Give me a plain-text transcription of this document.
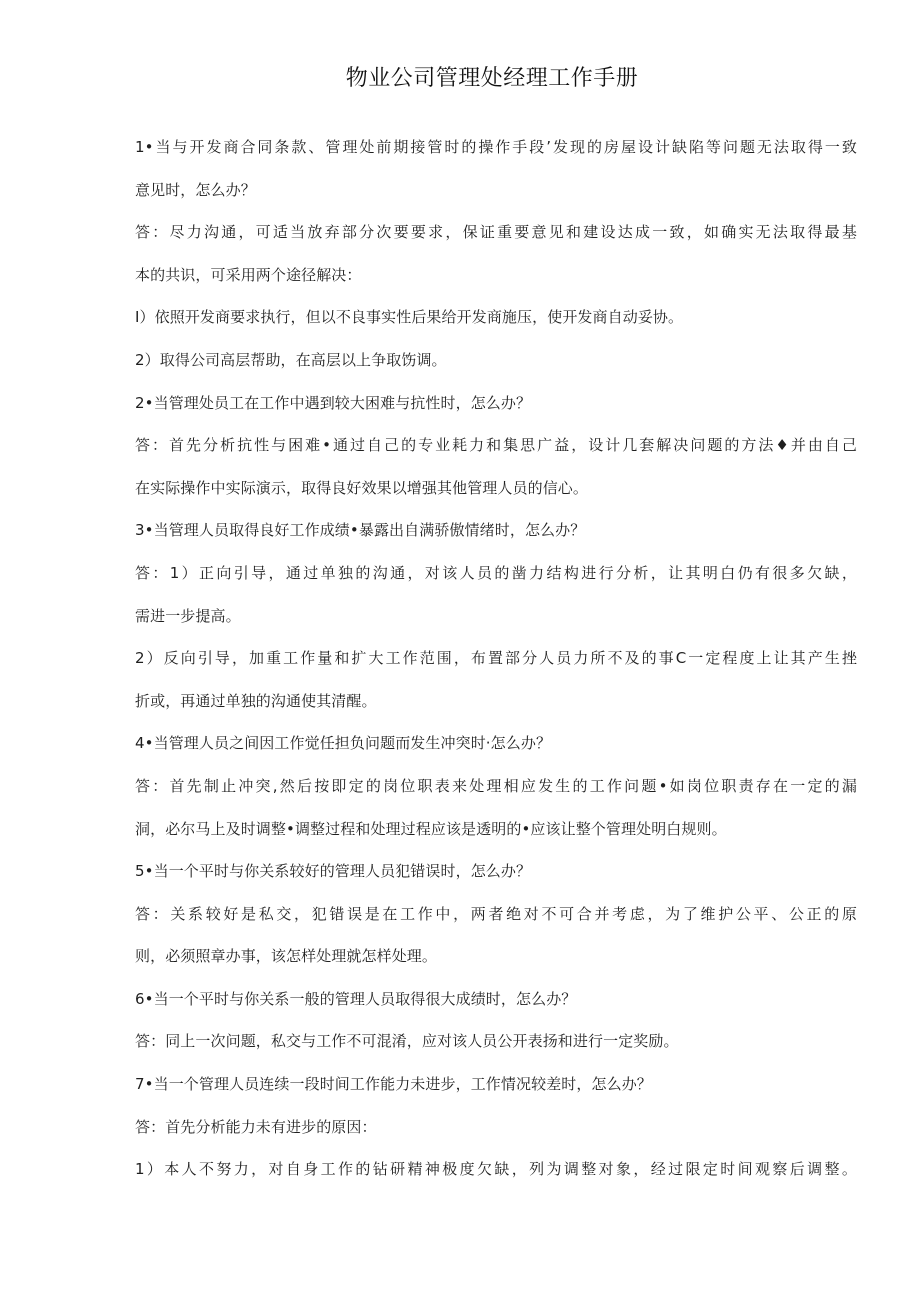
物业公司管理处经理工作手册
1•当与开发商合同条款、管理处前期接管时的操作手段’发现的房屋设计缺陷等问题无法取得一致
意见时，怎么办？
答：尽力沟通，可适当放弃部分次要要求，保证重要意见和建设达成一致，如确实无法取得最基
本的共识，可采用两个途径解决：
I）依照开发商要求执行，但以不良事实性后果给开发商施压，使开发商自动妥协。
2）取得公司高层帮助，在高层以上争取饬调。
2•当管理处员工在工作中遇到较大困难与抗性时，怎么办？
答：首先分析抗性与困难•通过自己的专业耗力和集思广益，设计几套解决问题的方法♦并由自己
在实际操作中实际演示，取得良好效果以增强其他管理人员的信心。
3•当管理人员取得良好工作成绩•暴露出自满骄傲情绪时，怎么办？
答：1）正向引导，通过单独的沟通，对该人员的凿力结构进行分析，让其明白仍有很多欠缺，
需进一步提高。
2）反向引导，加重工作量和扩大工作范围，布置部分人员力所不及的事C一定程度上让其产生挫
折或，再通过单独的沟通使其清醒。
4•当管理人员之间因工作觉任担负问题而发生冲突时·怎么办？
答：首先制止冲突,然后按即定的岗位职表来处理相应发生的工作问题•如岗位职责存在一定的漏
洞，必尔马上及时调整•调整过程和处理过程应该是透明的•应该让整个管理处明白规则。
5•当一个平时与你关系较好的管理人员犯错误时，怎么办？
答：关系较好是私交，犯错误是在工作中，两者绝对不可合并考虑，为了维护公平、公正的原
则，必须照章办事，该怎样处理就怎样处理。
6•当一个平时与你关系一般的管理人员取得很大成绩时，怎么办？
答：同上一次问题，私交与工作不可混淆，应对该人员公开表扬和进行一定奖励。
7•当一个管理人员连续一段时间工作能力未进步，工作情况较差时，怎么办？
答：首先分析能力未有进步的原因：
1）本人不努力，对自身工作的钻研精神极度欠缺，列为调整对象，经过限定时间观察后调整。
